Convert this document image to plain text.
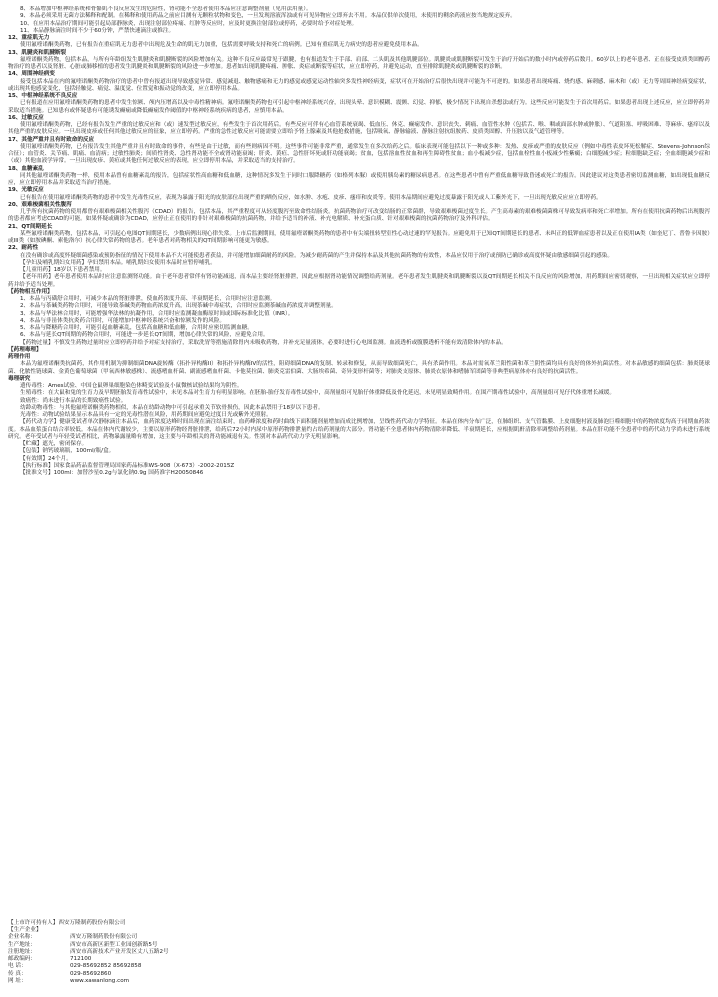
8、本品增加中枢神经系统和骨骼肌不良反应发生的危险性，肾功能不全患者使用本品应注意调整剂量（见用法用量）。

9、本品必须采用无菌方法稀释和配制。在稀释和使用药品之前应目测有无颗粒状物和变色，一旦发现溶液浑浊或有可见异物应立即弃去不用。本品仅供单次使用，未使用的剩余药液应按当地规定废弃。

10、在应用本品治疗期间可能引起局部静脉炎，出现注射部位疼痛、红肿等反应时，应及时更换注射部位或停药，必要时给予对症处理。

11、本品静脉滴注时间不少于60分钟，严禁快速滴注或推注。

12、重症肌无力

使用氟喹诺酮类药物，已有报告在重症肌无力患者中出现危及生命的肌无力加重，包括需要呼吸支持和死亡的病例。已知有重症肌无力病史的患者应避免使用本品。

13、肌腱炎和肌腱断裂

氟喹诺酮类药物，包括本品，与所有年龄组发生肌腱炎和肌腱断裂的风险增加有关。这种不良反应最常见于跟腱，也有报道发生于手部、肩部、二头肌及其他肌腱部位。肌腱炎或肌腱断裂可发生于治疗开始后的数小时内或停药后数月。60岁以上的老年患者、正在接受皮质类固醇药物治疗的患者以及肾脏、心脏或肺移植的患者发生肌腱炎和肌腱断裂的风险进一步增加。患者如出现肌腱疼痛、肿胀、炎症或断裂等症状，应立即停药，并避免运动，直至排除肌腱炎或肌腱断裂的诊断。

14、周围神经病变

接受包括本品在内的氟喹诺酮类药物治疗的患者中曾有报道出现导致感觉异常、感觉减退、触物感痛和无力的感觉或感觉运动性轴突多发性神经病变，症状可在开始治疗后很快出现并可能为不可逆的。如果患者出现疼痛、烧灼感、麻刺感、麻木和（或）无力等周围神经病变症状，或出现其他感觉变化，包括轻触觉、痛觉、温度觉、位置觉和振动觉的改变，应立即停用本品。

15、中枢神经系统不良反应

已有报道在应用氟喹诺酮类药物的患者中发生惊厥、颅内压增高以及中毒性精神病。氟喹诺酮类药物也可引起中枢神经系统兴奋，出现头晕、意识模糊、震颤、幻觉、抑郁，极少情况下出现自杀想法或行为。这些反应可能发生于首次用药后。如果患者出现上述反应，应立即停药并采取适当措施。已知患有或怀疑患有可能诱发癫痫或降低癫痫发作阈值的中枢神经系统疾病的患者，应慎用本品。

16、过敏反应

使用氟喹诺酮类药物，已经有报告发生严重的过敏反应和（或）速发型过敏反应，有些发生于首次用药后。有些反应可伴有心血管系统衰竭、低血压、休克、癫痫发作、意识丧失、刺痛、血管性水肿（包括舌、喉、咽或面部水肿或肿胀）、气道阻塞、呼吸困难、荨麻疹、瘙痒以及其他严重的皮肤反应。一旦出现皮疹或任何其他过敏反应的征象，应立即停药。严重的急性过敏反应可能需要立即给予肾上腺素及其他抢救措施，包括吸氧、静脉输液、静脉注射抗组胺药、皮质类固醇、升压胺以及气道管理等。

17、其他严重并且有时致命的反应

使用氟喹诺酮类药物，已有报告发生其他严重并且有时致命的事件，有些是由于过敏，而有些则病因不明。这些事件可能非常严重，通常发生在多次给药之后。临床表现可能包括以下一种或多种：发热、皮疹或严重的皮肤反应（例如中毒性表皮坏死松解症、Stevens-Johnson综合征）；血管炎、关节痛、肌痛、血清病；过敏性肺炎；间质性肾炎、急性肾功能不全或肾功能衰竭；肝炎、黄疸、急性肝坏死或肝功能衰竭；贫血，包括溶血性贫血和再生障碍性贫血；血小板减少症，包括血栓性血小板减少性紫癜；白细胞减少症；粒细胞缺乏症；全血细胞减少症和（或）其他血液学异常。一旦出现皮疹、黄疸或其他任何过敏反应的表现，应立即停用本品，并采取适当的支持治疗。

18、血糖紊乱

同其他氟喹诺酮类药物一样，使用本品曾有血糖紊乱的报告，包括症状性高血糖和低血糖，这种情况多发生于同时口服降糖药（如格列本脲）或使用胰岛素的糖尿病患者。在这些患者中曾有严重低血糖导致昏迷或死亡的报告。因此建议对这类患者密切监测血糖，如出现低血糖反应，应立即停用本品并采取适当治疗措施。

19、光敏反应

已有报告在使用氟喹诺酮类药物的患者中发生光毒性反应，表现为暴露于阳光的皮肤部位出现严重的晒伤反应，如水肿、水疱、皮疹、瘙痒和皮炎等。使用本品期间应避免过度暴露于阳光或人工紫外光下，一旦出现光敏反应应立即停药。

20、艰难梭菌相关性腹泻

几乎所有抗菌药物的使用都曾有艰难梭菌相关性腹泻（CDAD）的报告，包括本品，其严重程度可从轻度腹泻至致命性结肠炎。抗菌药物治疗可改变结肠的正常菌群，导致艰难梭菌过度生长。产生高毒素的艰难梭菌菌株可导致发病率和死亡率增加。所有在使用抗菌药物后出现腹泻的患者都应考虑CDAD的可能。如果怀疑或确诊为CDAD，应停止正在使用的非针对艰难梭菌的抗菌药物，并给予适当的补液、补充电解质、补充蛋白质、针对艰难梭菌的抗菌药物治疗及外科评估。

21、QT间期延长

某些氟喹诺酮类药物，包括本品，可引起心电图QT间期延长，少数病例出现心律失常。上市后监测期间，使用氟喹诺酮类药物的患者中有尖端扭转型室性心动过速的罕见报告。应避免用于已知QT间期延长的患者、未纠正的低钾血症患者以及正在使用IA类（如奎尼丁、普鲁卡因胺）或III类（如胺碘酮、索他洛尔）抗心律失常药物的患者。老年患者对药物相关的QT间期影响可能更为敏感。

22、耐药性

在没有确诊或高度怀疑细菌感染或预防指征的情况下使用本品不大可能使患者获益，并可能增加细菌耐药的风险。为减少耐药菌的产生并保持本品及其他抗菌药物的有效性，本品应仅用于治疗或预防已确诊或高度怀疑由敏感细菌引起的感染。

【孕妇及哺乳期妇女用药】孕妇禁用本品。哺乳期妇女使用本品时应暂停哺乳。

【儿童用药】18岁以下患者禁用。

【老年用药】老年患者使用本品时应注意监测肾功能。由于老年患者常伴有肾功能减退，而本品主要经肾脏排泄，因此应根据肾功能情况调整给药剂量。老年患者发生肌腱炎和肌腱断裂以及QT间期延长相关不良反应的风险增加，用药期间应密切观察，一旦出现相关症状应立即停药并给予适当处理。

【药物相互作用】

1、本品与丙磺舒合用时，可减少本品的肾脏排泄，使血药浓度升高、半衰期延长，合用时应注意监测。

2、本品与茶碱类药物合用时，可能导致茶碱类药物血药浓度升高，出现茶碱中毒症状，合用时应监测茶碱血药浓度并调整剂量。

3、本品与华法林合用时，可能增强华法林的抗凝作用，合用时应监测凝血酶原时间或国际标准化比值（INR）。

4、本品与非甾体类抗炎药合用时，可能增加中枢神经系统兴奋和惊厥发作的风险。

5、本品与降糖药合用时，可能引起血糖紊乱，包括高血糖和低血糖，合用时应密切监测血糖。

6、本品与延长QT间期的药物合用时，可能进一步延长QT间期，增加心律失常的风险，应避免合用。

【药物过量】不慎发生药物过量时应立即停药并给予对症支持治疗，采取洗胃等措施清除胃内未吸收药物，并补充足量液体，必要时进行心电图监测。血液透析或腹膜透析不能有效清除体内的本品。

【药理毒理】

药理作用

本品为氟喹诺酮类抗菌药，其作用机制为抑制细菌DNA旋转酶（拓扑异构酶II）和拓扑异构酶IV的活性，阻碍细菌DNA的复制、转录和修复，从而导致细菌死亡，具有杀菌作用。本品对需氧革兰阳性菌和革兰阴性菌均具有良好的体外抗菌活性。对本品敏感的细菌包括：肺炎链球菌、化脓性链球菌、金黄色葡萄球菌（甲氧西林敏感株）、流感嗜血杆菌、副流感嗜血杆菌、卡他莫拉菌、肺炎克雷伯菌、大肠埃希菌、奇异变形杆菌等；对肺炎支原体、肺炎衣原体和嗜肺军团菌等非典型病原体亦有良好的抗菌活性。

毒理研究

遗传毒性：Ames试验、中国仓鼠卵巢细胞染色体畸变试验及小鼠微核试验结果均为阴性。

生殖毒性：在大鼠和兔的生育力及早期胚胎发育毒性试验中，未见本品对生育力有明显影响。在胚胎-胎仔发育毒性试验中，高剂量组可见胎仔体重降低及骨化延迟，未见明显致畸作用。在围产期毒性试验中，高剂量组可见仔代体重增长减缓。

致癌性：尚未进行本品的长期致癌性试验。

幼龄动物毒性：与其他氟喹诺酮类药物相似，本品在幼龄动物中可引起承重关节软骨损伤，因此本品禁用于18岁以下患者。

光毒性：动物试验结果显示本品具有一定的光毒性潜在风险，用药期间应避免过度日光或紫外光照射。

【药代动力学】健康受试者单次静脉滴注本品后，血药浓度达峰时间出现在滴注结束时，血药峰浓度和药时曲线下面积随剂量增加而成比例增加，呈线性药代动力学特征。本品在体内分布广泛，在肺组织、支气管黏膜、上皮细胞衬液及肺泡巨噬细胞中的药物浓度均高于同期血药浓度。本品血浆蛋白结合率较低。本品在体内代谢较少，主要以原形药物经肾脏排泄，给药后72小时内尿中原形药物排泄量约占给药剂量的大部分。肾功能不全患者体内药物清除率降低、半衰期延长，应根据肌酐清除率调整给药剂量。本品在肝功能不全患者中的药代动力学尚未进行系统研究。老年受试者与年轻受试者相比，药物暴露量略有增加，这主要与年龄相关的肾功能减退有关。性别对本品药代动力学无明显影响。

【贮藏】遮光，密闭保存。

【包装】钠钙玻璃瓶，100ml/瓶/盒。

【有效期】24个月。

【执行标准】国家食品药品监督管理局国家药品标准WS-908（X-673）-2002-2015Z

【批准文号】100ml：加替沙星0.2g与氯化钠0.9g 国药准字H20050846

【上市许可持有人】西安万隆制药股份有限公司

【生产企业】

企业名称：	西安万隆制药股份有限公司

生产地址：	西安市高新区新型工业园创新路5号

注册地址：	西安市高新技术产业开发区丈八五路2号

邮政编码：	712100

电 话：	029-85692852 85692858

传 真：	029-85692860

网 址：	www.xawanlong.com
